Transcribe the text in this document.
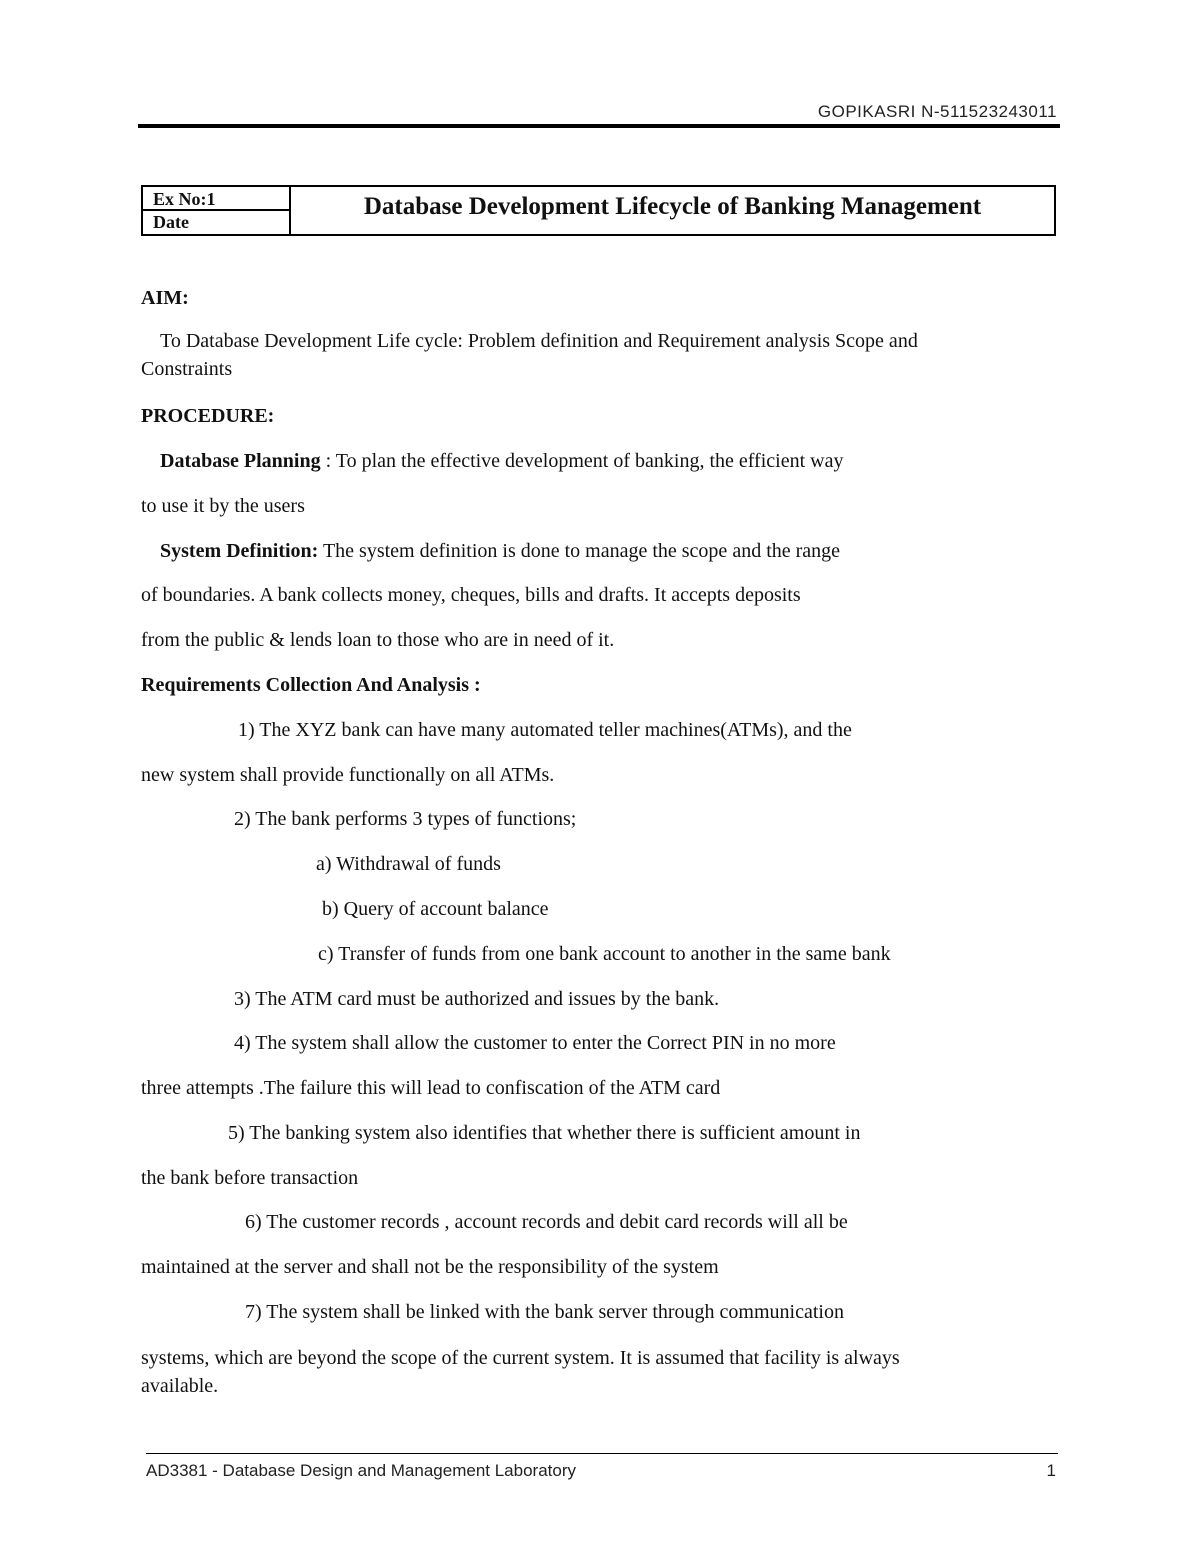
GOPIKASRI N-511523243011
Ex No:1
Date
Database Development Lifecycle of Banking Management
AIM:
To Database Development Life cycle: Problem definition and Requirement analysis Scope and
Constraints
PROCEDURE:
Database Planning : To plan the effective development of banking, the efficient way
to use it by the users
System Definition: The system definition is done to manage the scope and the range
of boundaries. A bank collects money, cheques, bills and drafts. It accepts deposits
from the public & lends loan to those who are in need of it.
Requirements Collection And Analysis :
1) The XYZ bank can have many automated teller machines(ATMs), and the
new system shall provide functionally on all ATMs.
2) The bank performs 3 types of functions;
a) Withdrawal of funds
b) Query of account balance
c) Transfer of funds from one bank account to another in the same bank
3) The ATM card must be authorized and issues by the bank.
4) The system shall allow the customer to enter the Correct PIN in no more
three attempts .The failure this will lead to confiscation of the ATM card
5) The banking system also identifies that whether there is sufficient amount in
the bank before transaction
6) The customer records , account records and debit card records will all be
maintained at the server and shall not be the responsibility of the system
7) The system shall be linked with the bank server through communication
systems, which are beyond the scope of the current system. It is assumed that facility is always
available.
AD3381 - Database Design and Management Laboratory	1
